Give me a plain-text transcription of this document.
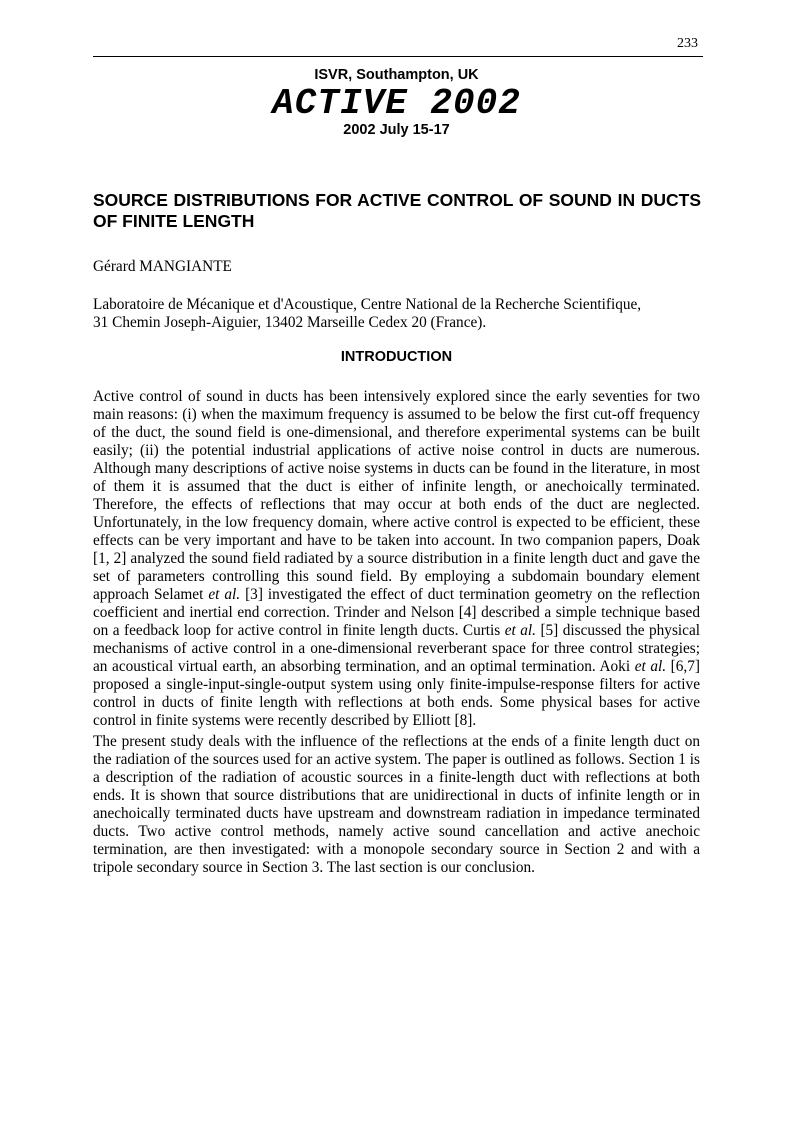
233
ISVR, Southampton, UK
ACTIVE 2002
2002 July 15-17
SOURCE DISTRIBUTIONS FOR ACTIVE CONTROL OF SOUND IN DUCTS OF FINITE LENGTH
Gérard MANGIANTE
Laboratoire de Mécanique et d'Acoustique, Centre National de la Recherche Scientifique,
31 Chemin Joseph-Aiguier, 13402 Marseille Cedex 20 (France).
INTRODUCTION

Active control of sound in ducts has been intensively explored since the early seventies for two main reasons: (i) when the maximum frequency is assumed to be below the first cut-off frequency of the duct, the sound field is one-dimensional, and therefore experimental systems can be built easily; (ii) the potential industrial applications of active noise control in ducts are numerous. Although many descriptions of active noise systems in ducts can be found in the literature, in most of them it is assumed that the duct is either of infinite length, or anechoically terminated. Therefore, the effects of reflections that may occur at both ends of the duct are neglected. Unfortunately, in the low frequency domain, where active control is expected to be efficient, these effects can be very important and have to be taken into account. In two companion papers, Doak [1, 2] analyzed the sound field radiated by a source distribution in a finite length duct and gave the set of parameters controlling this sound field. By employing a subdomain boundary element approach Selamet et al. [3] investigated the effect of duct termination geometry on the reflection coefficient and inertial end correction. Trinder and Nelson [4] described a simple technique based on a feedback loop for active control in finite length ducts. Curtis et al. [5] discussed the physical mechanisms of active control in a one-dimensional reverberant space for three control strategies; an acoustical virtual earth, an absorbing termination, and an optimal termination. Aoki et al. [6,7] proposed a single-input-single-output system using only finite-impulse-response filters for active control in ducts of finite length with reflections at both ends. Some physical bases for active control in finite systems were recently described by Elliott [8].

The present study deals with the influence of the reflections at the ends of a finite length duct on the radiation of the sources used for an active system. The paper is outlined as follows. Section 1 is a description of the radiation of acoustic sources in a finite-length duct with reflections at both ends. It is shown that source distributions that are unidirectional in ducts of infinite length or in anechoically terminated ducts have upstream and downstream radiation in impedance terminated ducts. Two active control methods, namely active sound cancellation and active anechoic termination, are then investigated: with a monopole secondary source in Section 2 and with a tripole secondary source in Section 3. The last section is our conclusion.
